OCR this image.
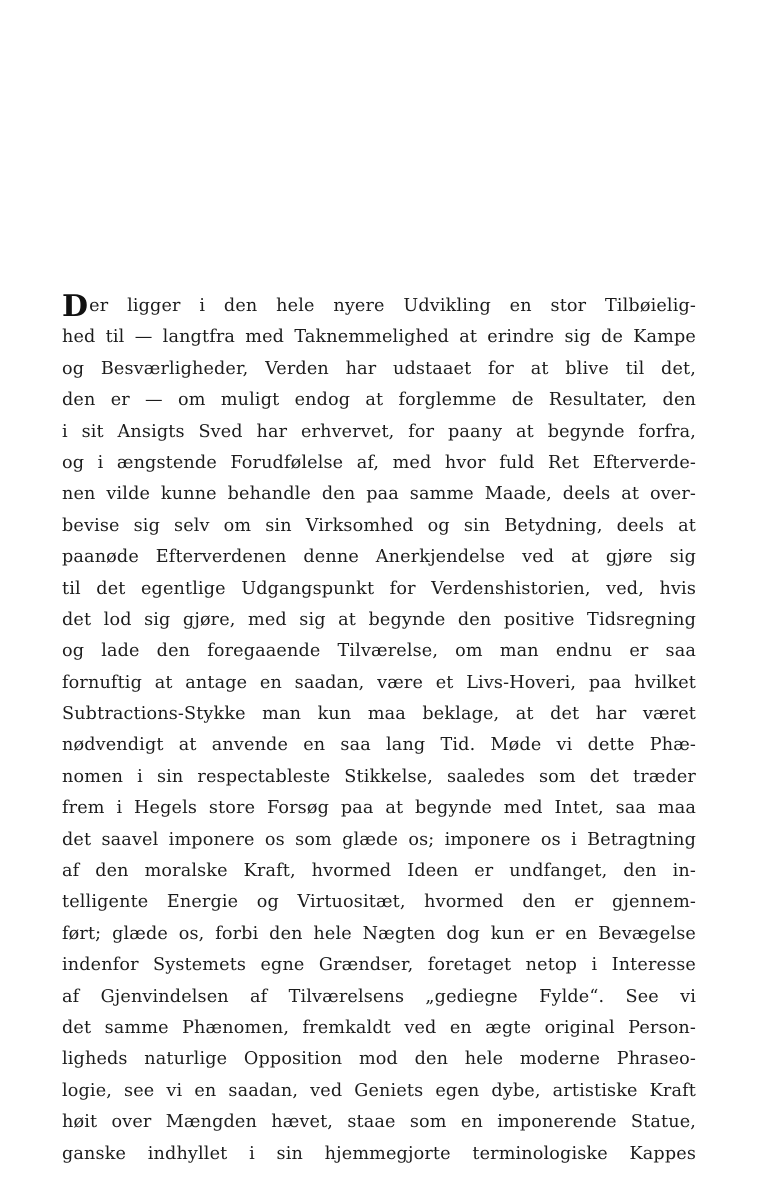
D er ligger i den hele nyere Udvikling en stor Tilbøielig-
hed til — langtfra med Taknemmelighed at erindre sig de Kampe
og Besværligheder, Verden har udstaaet for at blive til det,
den er — om muligt endog at forglemme de Resultater, den
i sit Ansigts Sved har erhvervet, for paany at begynde forfra,
og i ængstende Forudfølelse af, med hvor fuld Ret Efterverde-
nen vilde kunne behandle den paa samme Maade, deels at over-
bevise sig selv om sin Virksomhed og sin Betydning, deels at
paanøde Efterverdenen denne Anerkjendelse ved at gjøre sig
til det egentlige Udgangspunkt for Verdenshistorien, ved, hvis
det lod sig gjøre, med sig at begynde den positive Tidsregning
og lade den foregaaende Tilværelse, om man endnu er saa
fornuftig at antage en saadan, være et Livs-Hoveri, paa hvilket
Subtractions-Stykke man kun maa beklage, at det har været
nødvendigt at anvende en saa lang Tid. Møde vi dette Phæ-
nomen i sin respectableste Stikkelse, saaledes som det træder
frem i Hegels store Forsøg paa at begynde med Intet, saa maa
det saavel imponere os som glæde os; imponere os i Betragtning
af den moralske Kraft, hvormed Ideen er undfanget, den in-
telligente Energie og Virtuositæt, hvormed den er gjennem-
ført; glæde os, forbi den hele Nægten dog kun er en Bevægelse
indenfor Systemets egne Grændser, foretaget netop i Interesse
af Gjenvindelsen af Tilværelsens „gediegne Fylde“. See vi
det samme Phænomen, fremkaldt ved en ægte original Person-
ligheds naturlige Opposition mod den hele moderne Phraseo-
logie, see vi en saadan, ved Geniets egen dybe, artistiske Kraft
høit over Mængden hævet, staae som en imponerende Statue,
ganske indhyllet i sin hjemmegjorte terminologiske Kappes
